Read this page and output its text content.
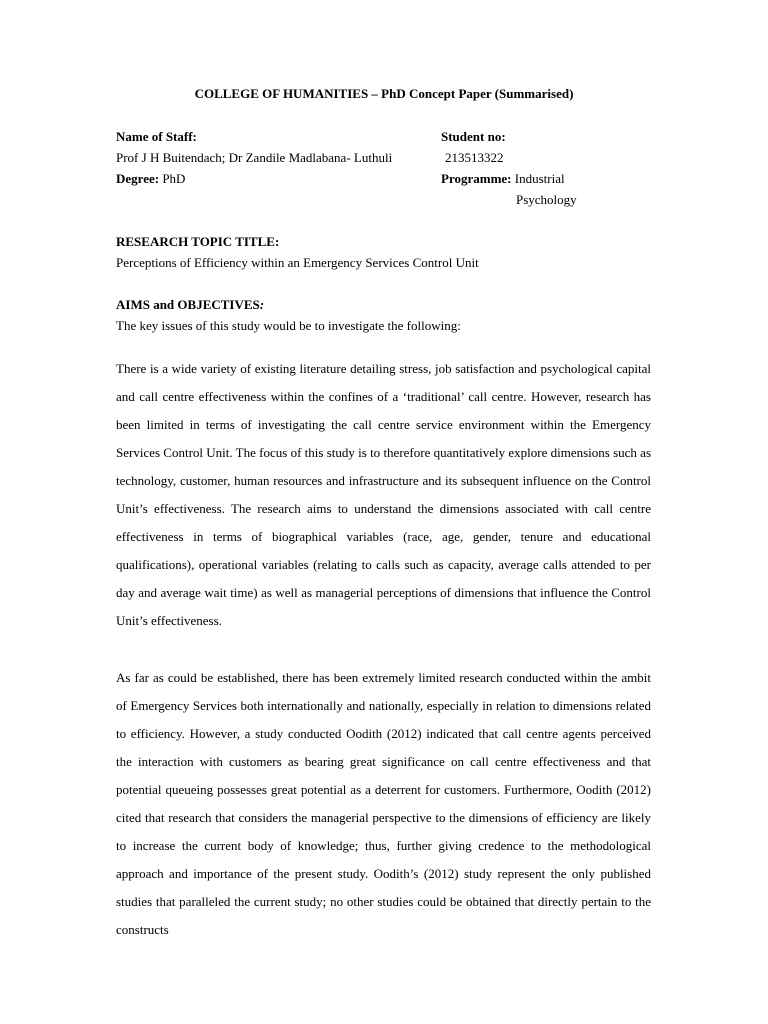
COLLEGE OF HUMANITIES – PhD Concept Paper (Summarised)
Name of Staff:
Prof J H Buitendach; Dr Zandile Madlabana- Luthuli
Degree: PhD
Student no:
213513322
Programme: Industrial
Psychology
RESEARCH TOPIC TITLE:
Perceptions of Efficiency within an Emergency Services Control Unit
AIMS and OBJECTIVES:
The key issues of this study would be to investigate the following:

There is a wide variety of existing literature detailing stress, job satisfaction and psychological capital and call centre effectiveness within the confines of a ‘traditional’ call centre. However, research has been limited in terms of investigating the call centre service environment within the Emergency Services Control Unit. The focus of this study is to therefore quantitatively explore dimensions such as technology, customer, human resources and infrastructure and its subsequent influence on the Control Unit’s effectiveness. The research aims to understand the dimensions associated with call centre effectiveness in terms of biographical variables (race, age, gender, tenure and educational qualifications), operational variables (relating to calls such as capacity, average calls attended to per day and average wait time) as well as managerial perceptions of dimensions that influence the Control Unit’s effectiveness.

As far as could be established, there has been extremely limited research conducted within the ambit of Emergency Services both internationally and nationally, especially in relation to dimensions related to efficiency. However, a study conducted Oodith (2012) indicated that call centre agents perceived the interaction with customers as bearing great significance on call centre effectiveness and that potential queueing possesses great potential as a deterrent for customers. Furthermore, Oodith (2012) cited that research that considers the managerial perspective to the dimensions of efficiency are likely to increase the current body of knowledge; thus, further giving credence to the methodological approach and importance of the present study. Oodith’s (2012) study represent the only published studies that paralleled the current study; no other studies could be obtained that directly pertain to the constructs
